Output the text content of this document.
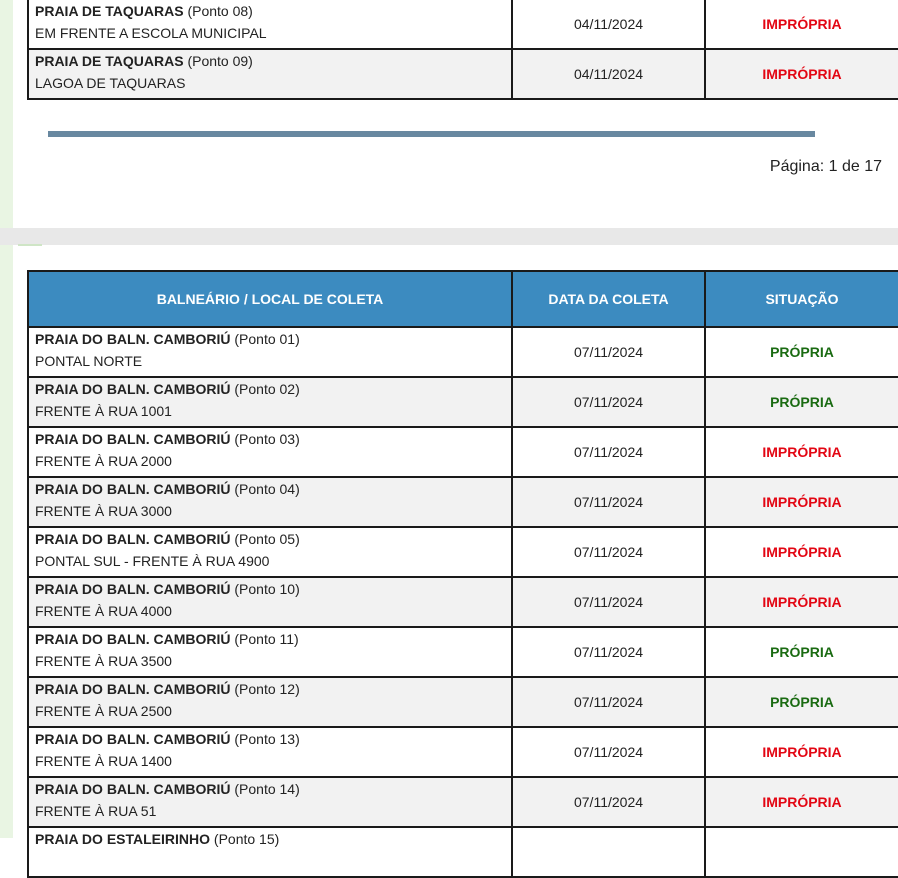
PRAIA DE TAQUARAS (Ponto 08)
EM FRENTE A ESCOLA MUNICIPAL	04/11/2024	IMPRÓPRIA
PRAIA DE TAQUARAS (Ponto 09)
LAGOA DE TAQUARAS	04/11/2024	IMPRÓPRIA
Página: 1 de 17
BALNEÁRIO / LOCAL DE COLETA	DATA DA COLETA	SITUAÇÃO
PRAIA DO BALN. CAMBORIÚ (Ponto 01)
PONTAL NORTE	07/11/2024	PRÓPRIA
PRAIA DO BALN. CAMBORIÚ (Ponto 02)
FRENTE À RUA 1001	07/11/2024	PRÓPRIA
PRAIA DO BALN. CAMBORIÚ (Ponto 03)
FRENTE À RUA 2000	07/11/2024	IMPRÓPRIA
PRAIA DO BALN. CAMBORIÚ (Ponto 04)
FRENTE À RUA 3000	07/11/2024	IMPRÓPRIA
PRAIA DO BALN. CAMBORIÚ (Ponto 05)
PONTAL SUL - FRENTE À RUA 4900	07/11/2024	IMPRÓPRIA
PRAIA DO BALN. CAMBORIÚ (Ponto 10)
FRENTE À RUA 4000	07/11/2024	IMPRÓPRIA
PRAIA DO BALN. CAMBORIÚ (Ponto 11)
FRENTE À RUA 3500	07/11/2024	PRÓPRIA
PRAIA DO BALN. CAMBORIÚ (Ponto 12)
FRENTE À RUA 2500	07/11/2024	PRÓPRIA
PRAIA DO BALN. CAMBORIÚ (Ponto 13)
FRENTE À RUA 1400	07/11/2024	IMPRÓPRIA
PRAIA DO BALN. CAMBORIÚ (Ponto 14)
FRENTE À RUA 51	07/11/2024	IMPRÓPRIA
PRAIA DO ESTALEIRINHO (Ponto 15)
